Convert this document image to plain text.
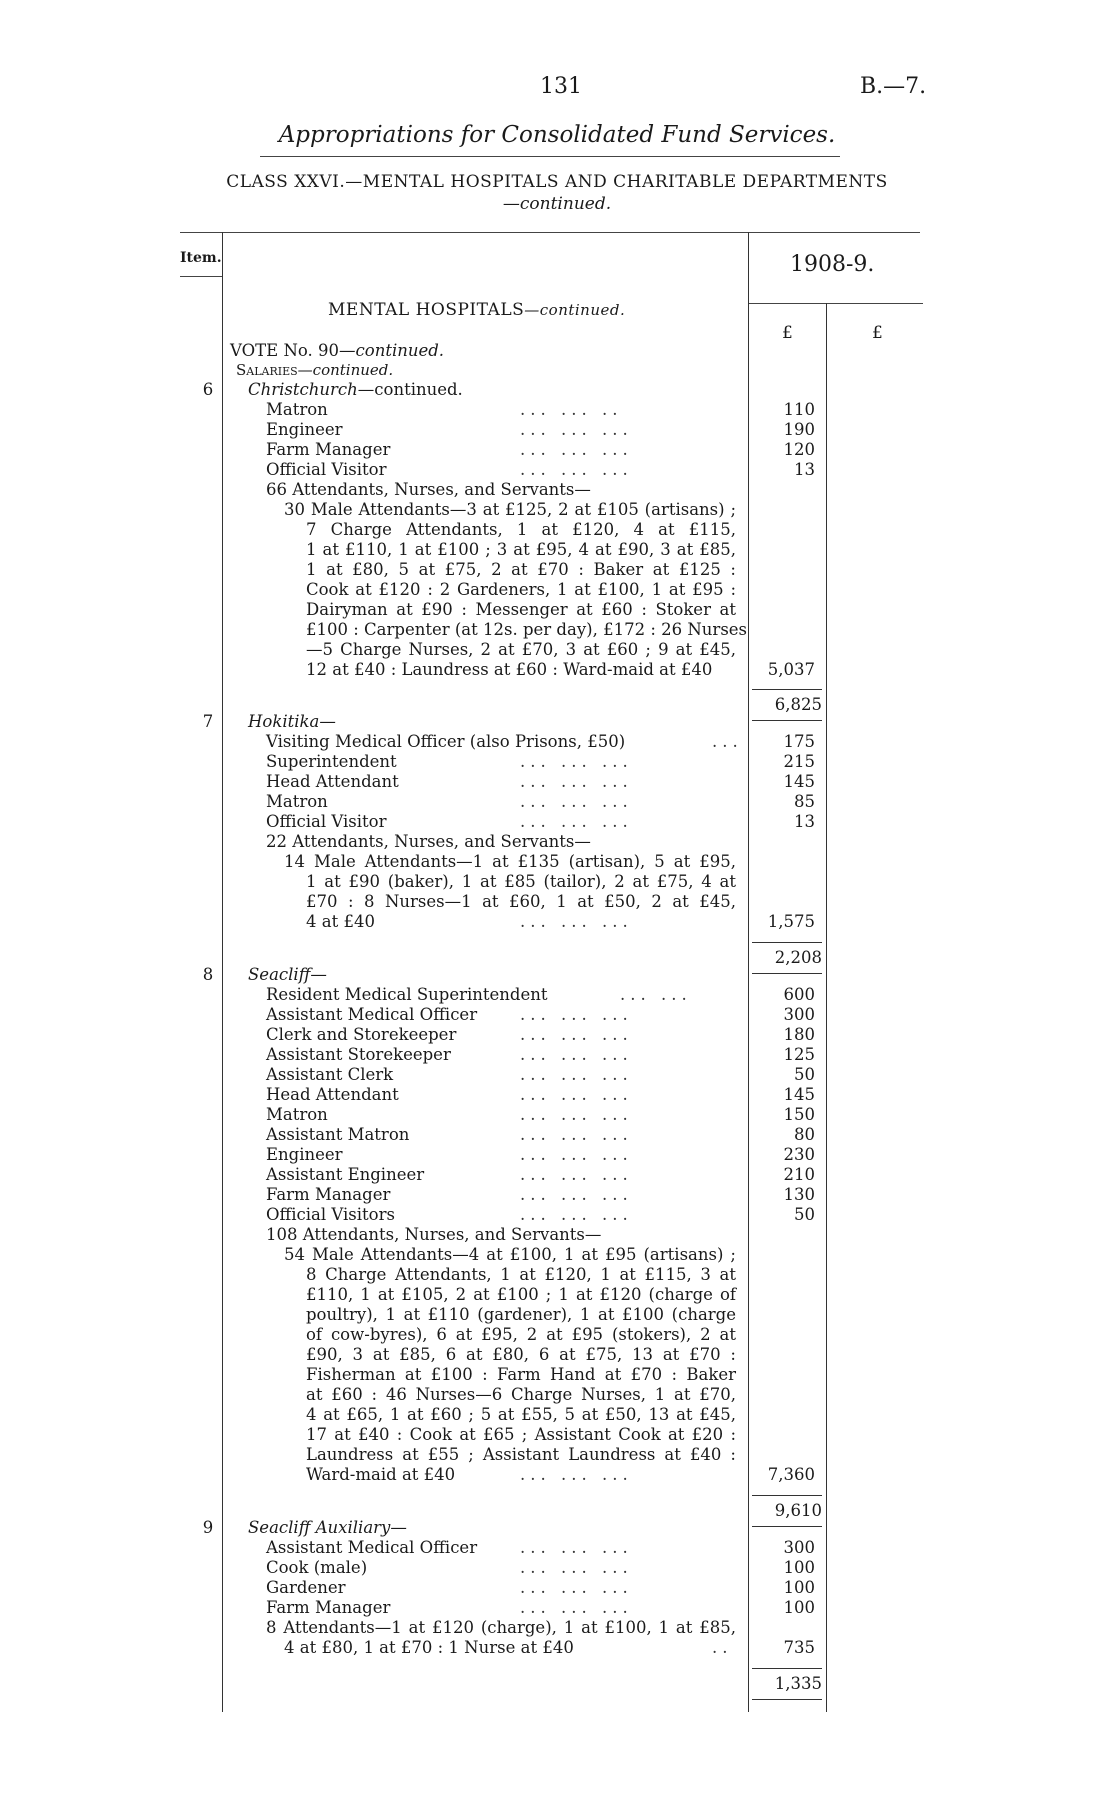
131	B.—7.
Appropriations for Consolidated Fund Services.
CLASS XXVI.—MENTAL HOSPITALS AND CHARITABLE DEPARTMENTS
—continued.
Item.	1908-9.
MENTAL HOSPITALS—continued.
£	£
VOTE No. 90—continued.
Salaries—continued.
6 Christchurch—continued.
Matron	... ... ..	110
Engineer	... ... ...	190
Farm Manager	... ... ...	120
Official Visitor	... ... ...	13
66 Attendants, Nurses, and Servants—
30 Male Attendants—3 at £125, 2 at £105 (artisans) ;
7 Charge Attendants, 1 at £120, 4 at £115,
1 at £110, 1 at £100 ; 3 at £95, 4 at £90, 3 at £85,
1 at £80, 5 at £75, 2 at £70 : Baker at £125 :
Cook at £120 : 2 Gardeners, 1 at £100, 1 at £95 :
Dairyman at £90 : Messenger at £60 : Stoker at
£100 : Carpenter (at 12s. per day), £172 : 26 Nurses
—5 Charge Nurses, 2 at £70, 3 at £60 ; 9 at £45,
12 at £40 : Laundress at £60 : Ward-maid at £40	5,037
6,825
7 Hokitika—
Visiting Medical Officer (also Prisons, £50)	...	175
Superintendent	... ... ...	215
Head Attendant	... ... ...	145
Matron	... ... ...	85
Official Visitor	... ... ...	13
22 Attendants, Nurses, and Servants—
14 Male Attendants—1 at £135 (artisan), 5 at £95,
1 at £90 (baker), 1 at £85 (tailor), 2 at £75, 4 at
£70 : 8 Nurses—1 at £60, 1 at £50, 2 at £45,
4 at £40	... ... ...	1,575
2,208
8 Seacliff—
Resident Medical Superintendent	... ...	600
Assistant Medical Officer	... ... ...	300
Clerk and Storekeeper	... ... ...	180
Assistant Storekeeper	... ... ...	125
Assistant Clerk	... ... ...	50
Head Attendant	... ... ...	145
Matron	... ... ...	150
Assistant Matron	... ... ...	80
Engineer	... ... ...	230
Assistant Engineer	... ... ...	210
Farm Manager	... ... ...	130
Official Visitors	... ... ...	50
108 Attendants, Nurses, and Servants—
54 Male Attendants—4 at £100, 1 at £95 (artisans) ;
8 Charge Attendants, 1 at £120, 1 at £115, 3 at
£110, 1 at £105, 2 at £100 ; 1 at £120 (charge of
poultry), 1 at £110 (gardener), 1 at £100 (charge
of cow-byres), 6 at £95, 2 at £95 (stokers), 2 at
£90, 3 at £85, 6 at £80, 6 at £75, 13 at £70 :
Fisherman at £100 : Farm Hand at £70 : Baker
at £60 : 46 Nurses—6 Charge Nurses, 1 at £70,
4 at £65, 1 at £60 ; 5 at £55, 5 at £50, 13 at £45,
17 at £40 : Cook at £65 ; Assistant Cook at £20 :
Laundress at £55 ; Assistant Laundress at £40 :
Ward-maid at £40	... ... ...	7,360
9,610
9 Seacliff Auxiliary—
Assistant Medical Officer	... ... ...	300
Cook (male)	... ... ...	100
Gardener	... ... ...	100
Farm Manager	... ... ...	100
8 Attendants—1 at £120 (charge), 1 at £100, 1 at £85,
4 at £80, 1 at £70 : 1 Nurse at £40	..	735
1,335
